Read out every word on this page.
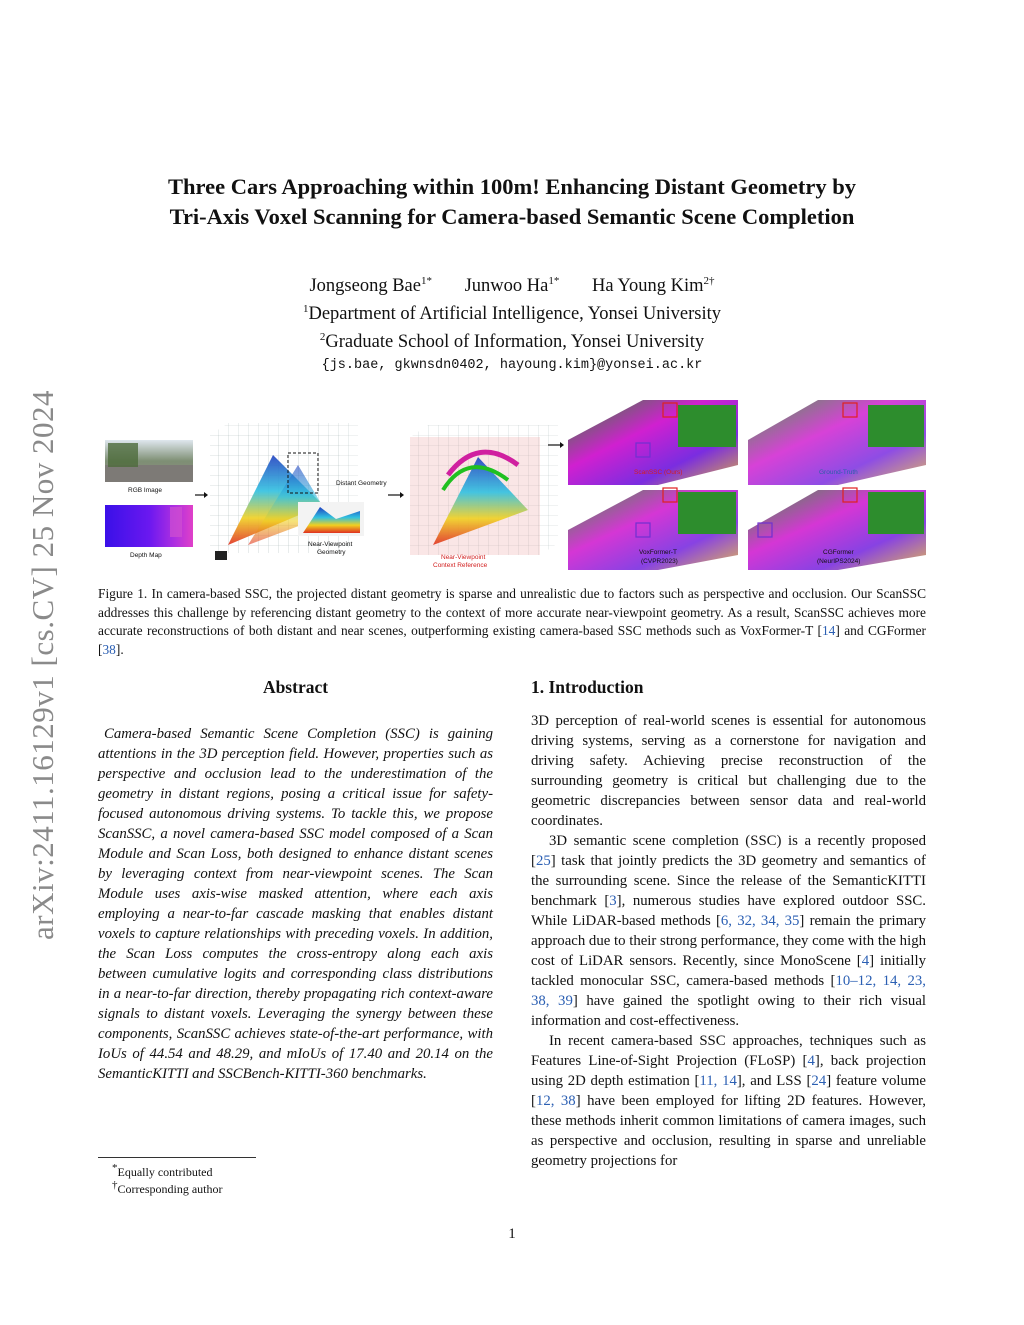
arXiv:2411.16129v1 [cs.CV] 25 Nov 2024
Three Cars Approaching within 100m! Enhancing Distant Geometry by
Tri-Axis Voxel Scanning for Camera-based Semantic Scene Completion
Jongseong Bae$^{1*}$ Junwoo $Ha^{1*}$ Ha Young Kim$^{2\dagger}$
$^1$Department of Artificial Intelligence, Yonsei University
$^2$Graduate School of Information, Yonsei University
{js.bae, gkwnsdn0402, hayoung.kim}@yonsei.ac.kr
RGB Image
Depth Map
Distant Geometry
Near-Viewpoint Geometry
Near-Viewpoint Context Reference
ScanSSC (Ours)	Ground-Truth
VoxFormer-T (CVPR2023)
CGFormer (NeurIPS2024)
Figure 1. In camera-based SSC, the projected distant geometry is sparse and unrealistic due to factors such as perspective and occlusion. Our ScanSSC addresses this challenge by referencing distant geometry to the context of more accurate near-viewpoint geometry. As a result, ScanSSC achieves more accurate reconstructions of both distant and near scenes, outperforming existing camera-based SSC methods such as VoxFormer-T [14] and CGFormer [38].
Abstract
Camera-based Semantic Scene Completion (SSC) is gaining attentions in the 3D perception field. However, properties such as perspective and occlusion lead to the underestimation of the geometry in distant regions, posing a critical issue for safety-focused autonomous driving systems. To tackle this, we propose ScanSSC, a novel camera-based SSC model composed of a Scan Module and Scan Loss, both designed to enhance distant scenes by leveraging context from near-viewpoint scenes. The Scan Module uses axis-wise masked attention, where each axis employing a near-to-far cascade masking that enables distant voxels to capture relationships with preceding voxels. In addition, the Scan Loss computes the cross-entropy along each axis between cumulative logits and corresponding class distributions in a near-to-far direction, thereby propagating rich context-aware signals to distant voxels. Leveraging the synergy between these components, ScanSSC achieves state-of-the-art performance, with IoUs of 44.54 and 48.29, and mIoUs of 17.40 and 20.14 on the SemanticKITTI and SSCBench-KITTI-360 benchmarks.
*Equally contributed
†Corresponding author
1. Introduction

3D perception of real-world scenes is essential for autonomous driving systems, serving as a cornerstone for navigation and driving safety. Achieving precise reconstruction of the surrounding geometry is critical but challenging due to the geometric discrepancies between sensor data and real-world coordinates.

3D semantic scene completion (SSC) is a recently proposed [25] task that jointly predicts the 3D geometry and semantics of the surrounding scene. Since the release of the SemanticKITTI benchmark [3], numerous studies have explored outdoor SSC. While LiDAR-based methods [6, 32, 34, 35] remain the primary approach due to their strong performance, they come with the high cost of LiDAR sensors. Recently, since MonoScene [4] initially tackled monocular SSC, camera-based methods [10–12, 14, 23, 38, 39] have gained the spotlight owing to their rich visual information and cost-effectiveness.

In recent camera-based SSC approaches, techniques such as Features Line-of-Sight Projection (FLoSP) [4], back projection using 2D depth estimation [11, 14], and LSS [24] feature volume [12, 38] have been employed for lifting 2D features. However, these methods inherit common limitations of camera images, such as perspective and occlusion, resulting in sparse and unreliable geometry projections for

1
